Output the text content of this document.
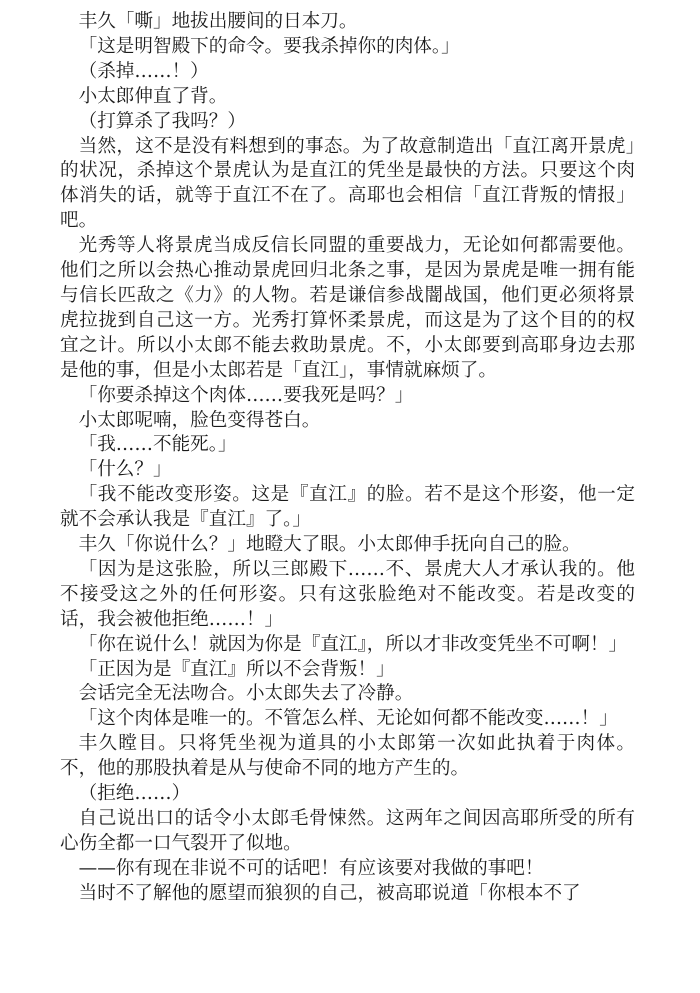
丰久「嘶」地拔出腰间的日本刀。

「这是明智殿下的命令。要我杀掉你的肉体。」

（杀掉……！）

小太郎伸直了背。

（打算杀了我吗？）

当然，这不是没有料想到的事态。为了故意制造出「直江离开景虎」的状况，杀掉这个景虎认为是直江的凭坐是最快的方法。只要这个肉体消失的话，就等于直江不在了。高耶也会相信「直江背叛的情报」吧。

光秀等人将景虎当成反信长同盟的重要战力，无论如何都需要他。他们之所以会热心推动景虎回归北条之事，是因为景虎是唯一拥有能与信长匹敌之《力》的人物。若是谦信参战闇战国，他们更必须将景虎拉拢到自己这一方。光秀打算怀柔景虎，而这是为了这个目的的权宜之计。所以小太郎不能去救助景虎。不，小太郎要到高耶身边去那是他的事，但是小太郎若是「直江」，事情就麻烦了。

「你要杀掉这个肉体……要我死是吗？」

小太郎呢喃，脸色变得苍白。

「我……不能死。」

「什么？」

「我不能改变形姿。这是『直江』的脸。若不是这个形姿，他一定就不会承认我是『直江』了。」

丰久「你说什么？」地瞪大了眼。小太郎伸手抚向自己的脸。

「因为是这张脸，所以三郎殿下……不、景虎大人才承认我的。他不接受这之外的任何形姿。只有这张脸绝对不能改变。若是改变的话，我会被他拒绝……！」

「你在说什么！就因为你是『直江』，所以才非改变凭坐不可啊！」

「正因为是『直江』所以不会背叛！」

会话完全无法吻合。小太郎失去了冷静。

「这个肉体是唯一的。不管怎么样、无论如何都不能改变……！」

丰久瞠目。只将凭坐视为道具的小太郎第一次如此执着于肉体。不，他的那股执着是从与使命不同的地方产生的。

（拒绝……）

自己说出口的话令小太郎毛骨悚然。这两年之间因高耶所受的所有心伤全都一口气裂开了似地。

——你有现在非说不可的话吧！有应该要对我做的事吧！

当时不了解他的愿望而狼狈的自己，被高耶说道「你根本不了
